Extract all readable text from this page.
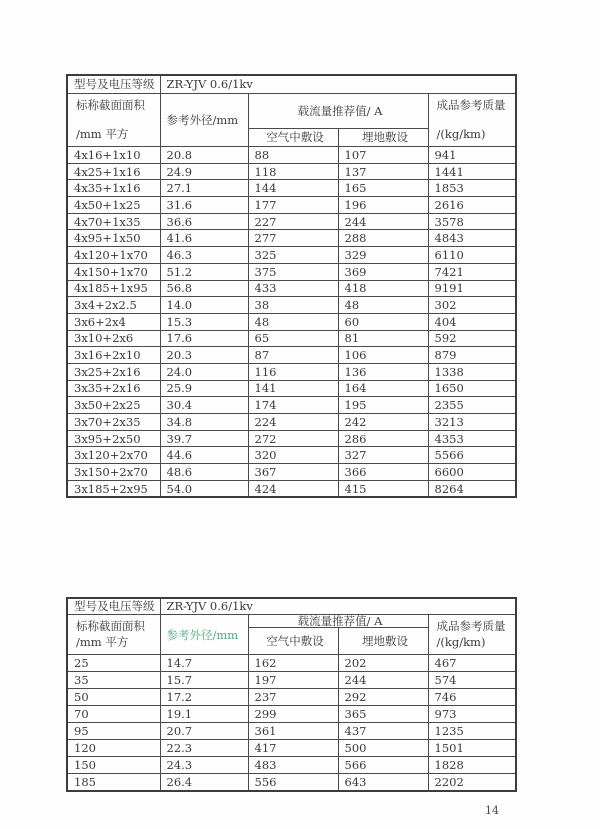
型号及电压等级	ZR-YJV 0.6/1kv			

标称截面面积
/mm 平方	参考外径/mm	载流量推荐值/ A		成品参考质量
/(kg/km)

		空气中敷设	埋地敷设	
4x16+1x10	20.8	88	107	941
4x25+1x16	24.9	118	137	1441
4x35+1x16	27.1	144	165	1853
4x50+1x25	31.6	177	196	2616
4x70+1x35	36.6	227	244	3578
4x95+1x50	41.6	277	288	4843
4x120+1x70	46.3	325	329	6110
4x150+1x70	51.2	375	369	7421
4x185+1x95	56.8	433	418	9191
3x4+2x2.5	14.0	38	48	302
3x6+2x4	15.3	48	60	404
3x10+2x6	17.6	65	81	592
3x16+2x10	20.3	87	106	879
3x25+2x16	24.0	116	136	1338
3x35+2x16	25.9	141	164	1650
3x50+2x25	30.4	174	195	2355
3x70+2x35	34.8	224	242	3213
3x95+2x50	39.7	272	286	4353
3x120+2x70	44.6	320	327	5566
3x150+2x70	48.6	367	366	6600
3x185+2x95	54.0	424	415	8264
型号及电压等级	ZR-YJV 0.6/1kv			

标称截面面积
/mm 平方	参考外径/mm	载流量推荐值/ A		成品参考质量
/(kg/km)

		空气中敷设	埋地敷设	
25	14.7	162	202	467
35	15.7	197	244	574
50	17.2	237	292	746
70	19.1	299	365	973
95	20.7	361	437	1235
120	22.3	417	500	1501
150	24.3	483	566	1828
185	26.4	556	643	2202
14
